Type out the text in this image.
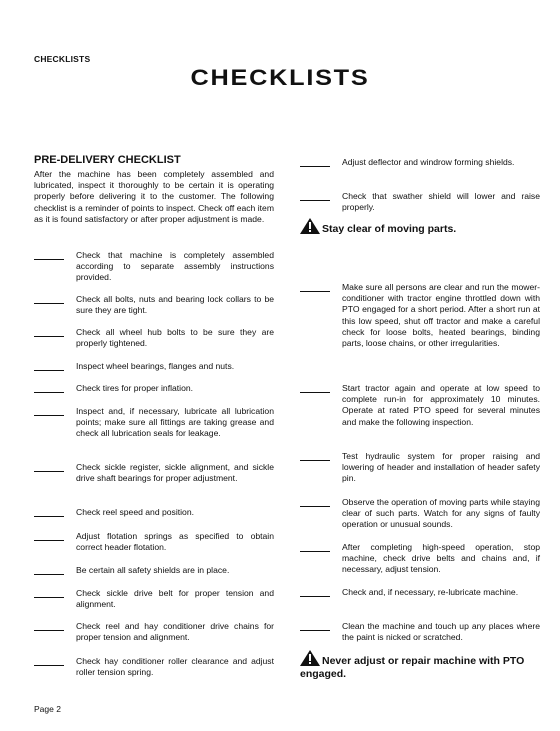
CHECKLISTS
CHECKLISTS
PRE-DELIVERY CHECKLIST
After the machine has been completely assembled and lubricated, inspect it thoroughly to be certain it is operating properly before delivering it to the customer. The following checklist is a reminder of points to inspect. Check off each item as it is found satisfactory or after proper adjustment is made.
Check that machine is completely assembled according to separate assembly instructions provided.
Check all bolts, nuts and bearing lock collars to be sure they are tight.
Check all wheel hub bolts to be sure they are properly tightened.
Inspect wheel bearings, flanges and nuts.
Check tires for proper inflation.
Inspect and, if necessary, lubricate all lubrication points; make sure all fittings are taking grease and check all lubrication seals for leakage.
Check sickle register, sickle alignment, and sickle drive shaft bearings for proper adjustment.
Check reel speed and position.
Adjust flotation springs as specified to obtain correct header flotation.
Be certain all safety shields are in place.
Check sickle drive belt for proper tension and alignment.
Check reel and hay conditioner drive chains for proper tension and alignment.
Check hay conditioner roller clearance and adjust roller tension spring.
Adjust deflector and windrow forming shields.
Check that swather shield will lower and raise properly.
Stay clear of moving parts.
Make sure all persons are clear and run the mower-conditioner with tractor engine throttled down with PTO engaged for a short period. After a short run at this low speed, shut off tractor and make a careful check for loose bolts, heated bearings, binding parts, loose chains, or other irregularities.
Start tractor again and operate at low speed to complete run-in for approximately 10 minutes. Operate at rated PTO speed for several minutes and make the following inspection.
Test hydraulic system for proper raising and lowering of header and installation of header safety pin.
Observe the operation of moving parts while staying clear of such parts. Watch for any signs of faulty operation or unusual sounds.
After completing high-speed operation, stop machine, check drive belts and chains and, if necessary, adjust tension.
Check and, if necessary, re-lubricate machine.
Clean the machine and touch up any places where the paint is nicked or scratched.
Never adjust or repair machine with PTO engaged.
Page 2
